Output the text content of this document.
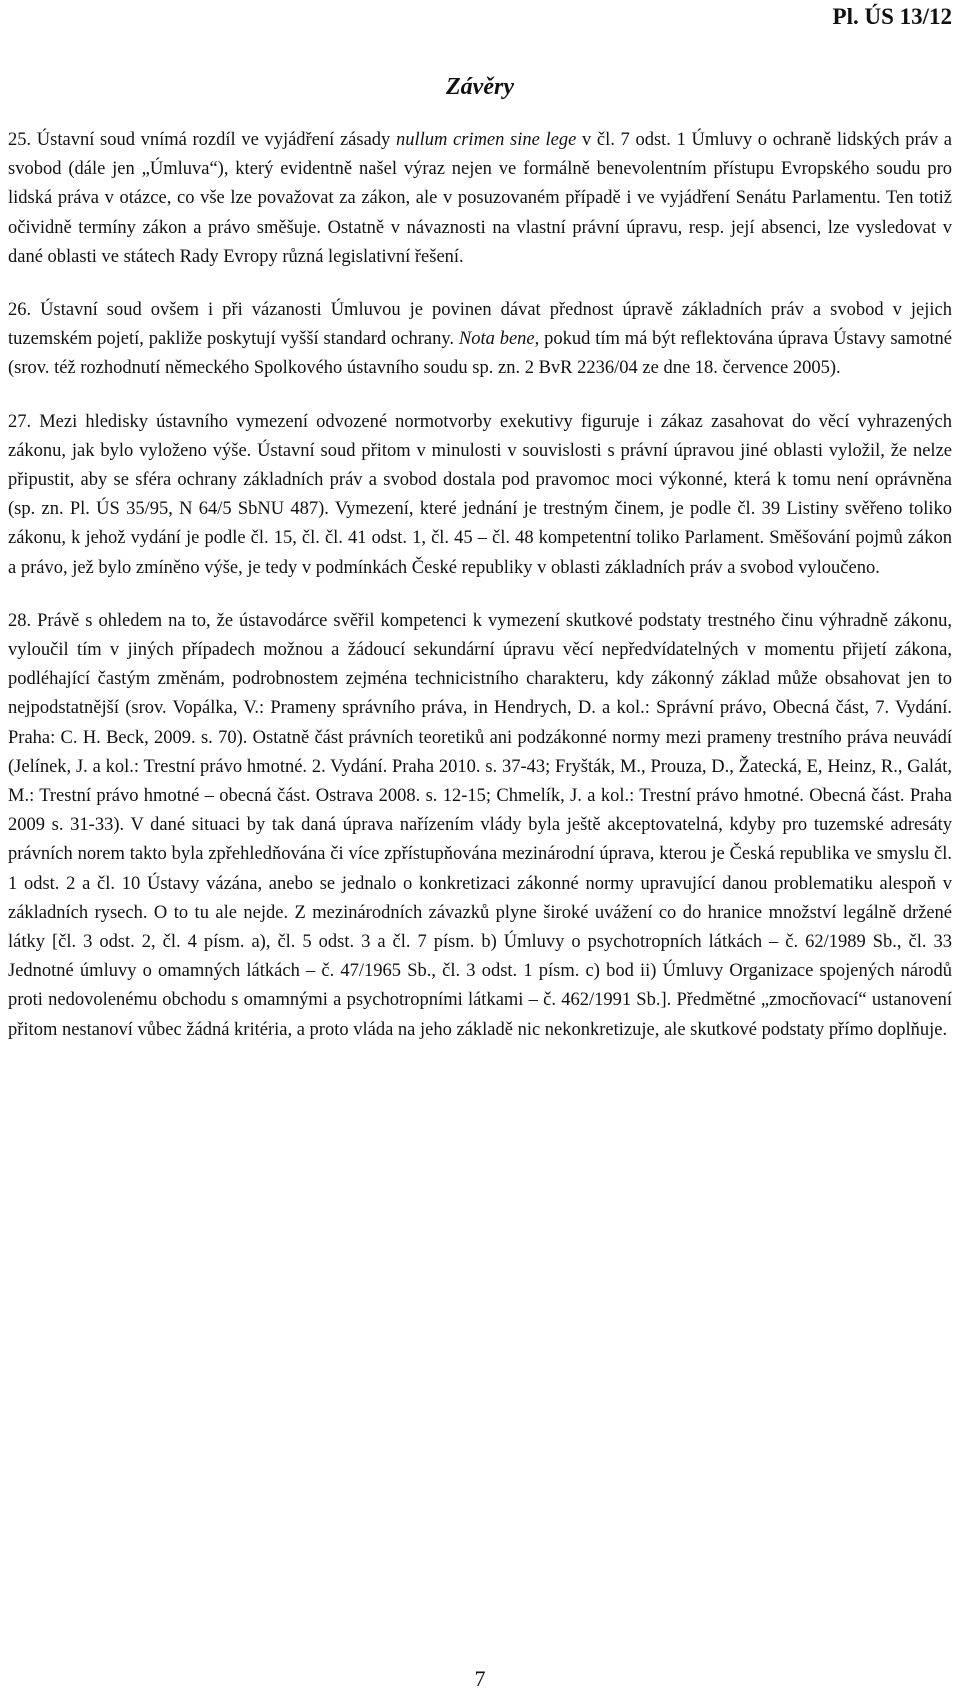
Pl. ÚS 13/12
Závěry

25. Ústavní soud vnímá rozdíl ve vyjádření zásady nullum crimen sine lege v čl. 7 odst. 1 Úmluvy o ochraně lidských práv a svobod (dále jen „Úmluva“), který evidentně našel výraz nejen ve formálně benevolentním přístupu Evropského soudu pro lidská práva v otázce, co vše lze považovat za zákon, ale v posuzovaném případě i ve vyjádření Senátu Parlamentu. Ten totiž očividně termíny zákon a právo směšuje. Ostatně v návaznosti na vlastní právní úpravu, resp. její absenci, lze vysledovat v dané oblasti ve státech Rady Evropy různá legislativní řešení.

26. Ústavní soud ovšem i při vázanosti Úmluvou je povinen dávat přednost úpravě základních práv a svobod v jejich tuzemském pojetí, pakliže poskytují vyšší standard ochrany. Nota bene, pokud tím má být reflektována úprava Ústavy samotné (srov. též rozhodnutí německého Spolkového ústavního soudu sp. zn. 2 BvR 2236/04 ze dne 18. července 2005).

27. Mezi hledisky ústavního vymezení odvozené normotvorby exekutivy figuruje i zákaz zasahovat do věcí vyhrazených zákonu, jak bylo vyloženo výše. Ústavní soud přitom v minulosti v souvislosti s právní úpravou jiné oblasti vyložil, že nelze připustit, aby se sféra ochrany základních práv a svobod dostala pod pravomoc moci výkonné, která k tomu není oprávněna (sp. zn. Pl. ÚS 35/95, N 64/5 SbNU 487). Vymezení, které jednání je trestným činem, je podle čl. 39 Listiny svěřeno toliko zákonu, k jehož vydání je podle čl. 15, čl. čl. 41 odst. 1, čl. 45 – čl. 48 kompetentní toliko Parlament. Směšování pojmů zákon a právo, jež bylo zmíněno výše, je tedy v podmínkách České republiky v oblasti základních práv a svobod vyloučeno.

28. Právě s ohledem na to, že ústavodárce svěřil kompetenci k vymezení skutkové podstaty trestného činu výhradně zákonu, vyloučil tím v jiných případech možnou a žádoucí sekundární úpravu věcí nepředvídatelných v momentu přijetí zákona, podléhající častým změnám, podrobnostem zejména technicistního charakteru, kdy zákonný základ může obsahovat jen to nejpodstatnější (srov. Vopálka, V.: Prameny správního práva, in Hendrych, D. a kol.: Správní právo, Obecná část, 7. Vydání. Praha: C. H. Beck, 2009. s. 70). Ostatně část právních teoretiků ani podzákonné normy mezi prameny trestního práva neuvádí (Jelínek, J. a kol.: Trestní právo hmotné. 2. Vydání. Praha 2010. s. 37-43; Fryšták, M., Prouza, D., Žatecká, E, Heinz, R., Galát, M.: Trestní právo hmotné – obecná část. Ostrava 2008. s. 12-15; Chmelík, J. a kol.: Trestní právo hmotné. Obecná část. Praha 2009 s. 31-33). V dané situaci by tak daná úprava nařízením vlády byla ještě akceptovatelná, kdyby pro tuzemské adresáty právních norem takto byla zpřehledňována či více zpřístupňována mezinárodní úprava, kterou je Česká republika ve smyslu čl. 1 odst. 2 a čl. 10 Ústavy vázána, anebo se jednalo o konkretizaci zákonné normy upravující danou problematiku alespoň v základních rysech. O to tu ale nejde. Z mezinárodních závazků plyne široké uvážení co do hranice množství legálně držené látky [čl. 3 odst. 2, čl. 4 písm. a), čl. 5 odst. 3 a čl. 7 písm. b) Úmluvy o psychotropních látkách – č. 62/1989 Sb., čl. 33 Jednotné úmluvy o omamných látkách – č. 47/1965 Sb., čl. 3 odst. 1 písm. c) bod ii) Úmluvy Organizace spojených národů proti nedovolenému obchodu s omamnými a psychotropními látkami – č. 462/1991 Sb.]. Předmětné „zmocňovací“ ustanovení přitom nestanoví vůbec žádná kritéria, a proto vláda na jeho základě nic nekonkretizuje, ale skutkové podstaty přímo doplňuje.

7
